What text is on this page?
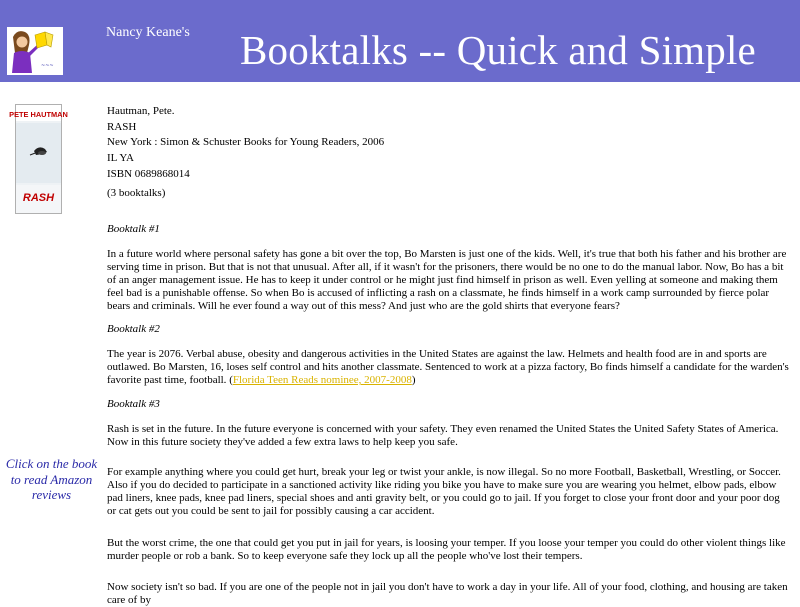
~~~
Nancy Keane's Booktalks -- Quick and Simple
PETE HAUTMAN
RASH
Click on the book to read Amazon reviews
Hautman, Pete.
RASH
New York : Simon & Schuster Books for Young Readers, 2006
IL YA
ISBN 0689868014
(3 booktalks)
Booktalk #1

In a future world where personal safety has gone a bit over the top, Bo Marsten is just one of the kids. Well, it's true that both his father and his brother are serving time in prison. But that is not that unusual. After all, if it wasn't for the prisoners, there would be no one to do the manual labor. Now, Bo has a bit of an anger management issue. He has to keep it under control or he might just find himself in prison as well. Even yelling at someone and making them feel bad is a punishable offense. So when Bo is accused of inflicting a rash on a classmate, he finds himself in a work camp surrounded by fierce polar bears and criminals. Will he ever found a way out of this mess? And just who are the gold shirts that everyone fears?

Booktalk #2

The year is 2076. Verbal abuse, obesity and dangerous activities in the United States are against the law. Helmets and health food are in and sports are outlawed. Bo Marsten, 16, loses self control and hits another classmate. Sentenced to work at a pizza factory, Bo finds himself a candidate for the warden's favorite past time, football. (Florida Teen Reads nominee, 2007-2008)

Booktalk #3

Rash is set in the future. In the future everyone is concerned with your safety. They even renamed the United States the United Safety States of America. Now in this future society they've added a few extra laws to help keep you safe.

For example anything where you could get hurt, break your leg or twist your ankle, is now illegal. So no more Football, Basketball, Wrestling, or Soccer. Also if you do decided to participate in a sanctioned activity like riding you bike you have to make sure you are wearing you helmet, elbow pads, elbow pad liners, knee pads, knee pad liners, special shoes and anti gravity belt, or you could go to jail. If you forget to close your front door and your poor dog or cat gets out you could be sent to jail for possibly causing a car accident.

But the worst crime, the one that could get you put in jail for years, is loosing your temper. If you loose your temper you could do other violent things like murder people or rob a bank. So to keep everyone safe they lock up all the people who've lost their tempers.

Now society isn't so bad. If you are one of the people not in jail you don't have to work a day in your life. All of your food, clothing, and housing are taken care of by
